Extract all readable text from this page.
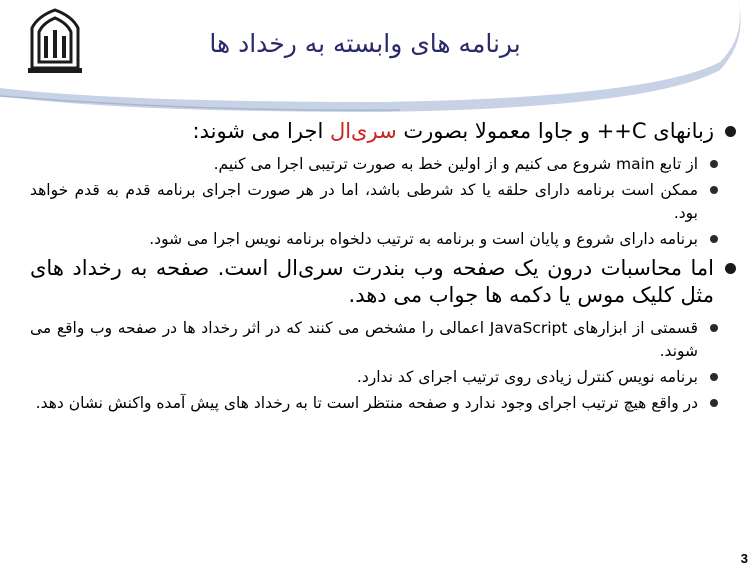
برنامه های وابسته به رخداد ها
زبانهای C++ و جاوا معمولا بصورت سری‌ال اجرا می شوند:
از تابع main شروع می کنیم و از اولین خط به صورت ترتیبی اجرا می کنیم.
ممکن است برنامه دارای حلقه یا کد شرطی باشد، اما در هر صورت اجرای برنامه قدم به قدم خواهد بود.
برنامه دارای شروع و پایان است و برنامه به ترتیب دلخواه برنامه نویس اجرا می شود.
اما محاسبات درون یک صفحه وب بندرت سری‌ال است. صفحه به رخداد های مثل کلیک موس یا دکمه ها جواب می دهد.
قسمتی از ابزارهای JavaScript اعمالی را مشخص می کنند که در اثر رخداد ها در صفحه وب واقع می شوند.
برنامه نویس کنترل زیادی روی ترتیب اجرای کد ندارد.
در واقع هیچ ترتیب اجرای وجود ندارد و صفحه منتظر است تا به رخداد های پیش آمده واکنش نشان دهد.
3
